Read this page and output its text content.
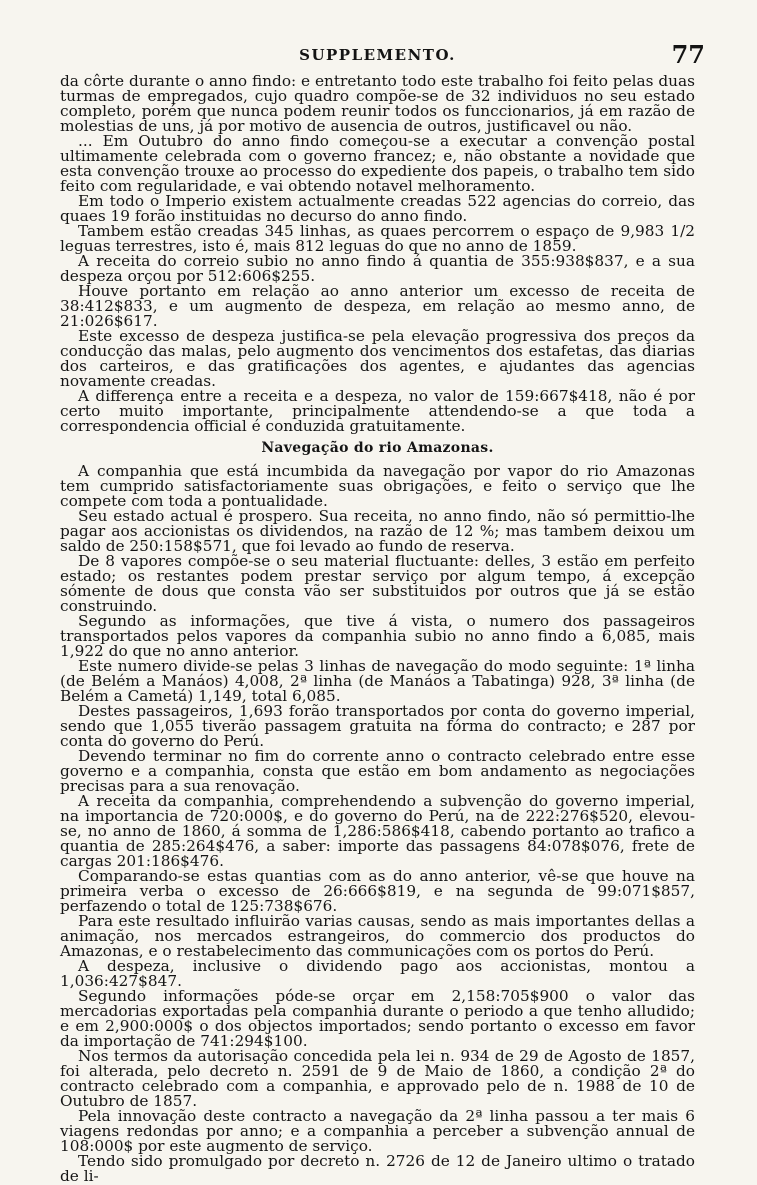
SUPPLEMENTO.	77

da côrte durante o anno findo: e entretanto todo este trabalho foi feito pelas duas turmas de empregados, cujo quadro compõe-se de 32 individuos no seu estado completo, porém que nunca podem reunir todos os funccionarios, já em razão de molestias de uns, já por motivo de ausencia de outros, justificavel ou não.

... Em Outubro do anno findo começou-se a executar a convenção postal ultimamente celebrada com o governo francez; e, não obstante a novidade que esta convenção trouxe ao processo do expediente dos papeis, o trabalho tem sido feito com regularidade, e vai obtendo notavel melhoramento.

Em todo o Imperio existem actualmente creadas 522 agencias do correio, das quaes 19 forão instituidas no decurso do anno findo.

Tambem estão creadas 345 linhas, as quaes percorrem o espaço de 9,983 1/2 leguas terrestres, isto é, mais 812 leguas do que no anno de 1859.

A receita do correio subio no anno findo á quantia de 355:938$837, e a sua despeza orçou por 512:606$255.

Houve portanto em relação ao anno anterior um excesso de receita de 38:412$833, e um augmento de despeza, em relação ao mesmo anno, de 21:026$617.

Este excesso de despeza justifica-se pela elevação progressiva dos preços da conducção das malas, pelo augmento dos vencimentos dos estafetas, das diarias dos carteiros, e das gratificações dos agentes, e ajudantes das agencias novamente creadas.

A differença entre a receita e a despeza, no valor de 159:667$418, não é por certo muito importante, principalmente attendendo-se a que toda a correspondencia official é conduzida gratuitamente.

Navegação do rio Amazonas.

A companhia que está incumbida da navegação por vapor do rio Amazonas tem cumprido satisfactoriamente suas obrigações, e feito o serviço que lhe compete com toda a pontualidade.

Seu estado actual é prospero. Sua receita, no anno findo, não só permittio-lhe pagar aos accionistas os dividendos, na razão de 12 %; mas tambem deixou um saldo de 250:158$571, que foi levado ao fundo de reserva.

De 8 vapores compõe-se o seu material fluctuante: delles, 3 estão em perfeito estado; os restantes podem prestar serviço por algum tempo, á excepção sómente de dous que consta vão ser substituidos por outros que já se estão construindo.

Segundo as informações, que tive á vista, o numero dos passageiros transportados pelos vapores da companhia subio no anno findo a 6,085, mais 1,922 do que no anno anterior.

Este numero divide-se pelas 3 linhas de navegação do modo seguinte: 1ª linha (de Belém a Manáos) 4,008, 2ª linha (de Manáos a Tabatinga) 928, 3ª linha (de Belém a Cametá) 1,149, total 6,085.

Destes passageiros, 1,693 forão transportados por conta do governo imperial, sendo que 1,055 tiverão passagem gratuita na fórma do contracto; e 287 por conta do governo do Perú.

Devendo terminar no fim do corrente anno o contracto celebrado entre esse governo e a companhia, consta que estão em bom andamento as negociações precisas para a sua renovação.

A receita da companhia, comprehendendo a subvenção do governo imperial, na importancia de 720:000$, e do governo do Perú, na de 222:276$520, elevou-se, no anno de 1860, á somma de 1,286:586$418, cabendo portanto ao trafico a quantia de 285:264$476, a saber: importe das passagens 84:078$076, frete de cargas 201:186$476.

Comparando-se estas quantias com as do anno anterior, vê-se que houve na primeira verba o excesso de 26:666$819, e na segunda de 99:071$857, perfazendo o total de 125:738$676.

Para este resultado influirão varias causas, sendo as mais importantes dellas a animação, nos mercados estrangeiros, do commercio dos productos do Amazonas, e o restabelecimento das communicações com os portos do Perú.

A despeza, inclusive o dividendo pago aos accionistas, montou a 1,036:427$847.

Segundo informações póde-se orçar em 2,158:705$900 o valor das mercadorias exportadas pela companhia durante o periodo a que tenho alludido; e em 2,900:000$ o dos objectos importados; sendo portanto o excesso em favor da importação de 741:294$100.

Nos termos da autorisação concedida pela lei n. 934 de 29 de Agosto de 1857, foi alterada, pelo decreto n. 2591 de 9 de Maio de 1860, a condição 2ª do contracto celebrado com a companhia, e approvado pelo de n. 1988 de 10 de Outubro de 1857.

Pela innovação deste contracto a navegação da 2ª linha passou a ter mais 6 viagens redondas por anno; e a companhia a perceber a subvenção annual de 108:000$ por este augmento de serviço.

Tendo sido promulgado por decreto n. 2726 de 12 de Janeiro ultimo o tratado de li-
